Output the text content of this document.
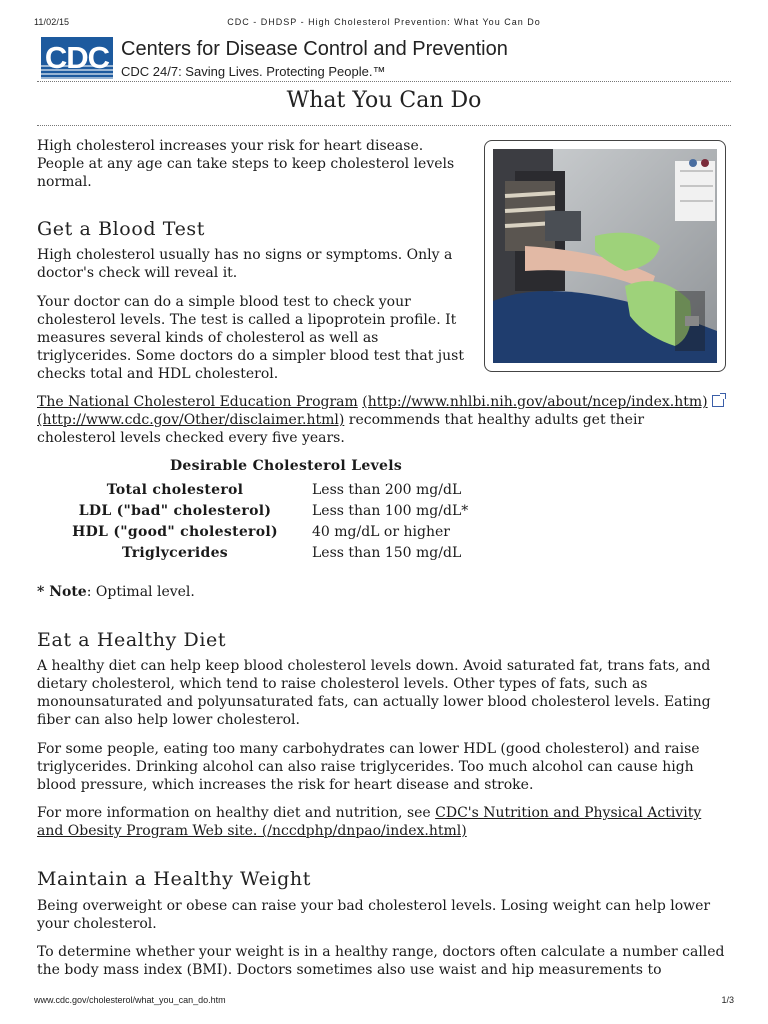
11/02/15	CDC - DHDSP - High Cholesterol Prevention: What You Can Do
CDC Centers for Disease Control and Prevention
CDC 24/7: Saving Lives. Protecting People.™
What You Can Do

High cholesterol increases your risk for heart disease. People at any age can take steps to keep cholesterol levels normal.

Get a Blood Test

High cholesterol usually has no signs or symptoms. Only a doctor's check will reveal it.

Your doctor can do a simple blood test to check your cholesterol levels. The test is called a lipoprotein profile. It measures several kinds of cholesterol as well as triglycerides. Some doctors do a simpler blood test that just checks total and HDL cholesterol.

The National Cholesterol Education Program (http://www.nhlbi.nih.gov/about/ncep/index.htm) (http://www.cdc.gov/Other/disclaimer.html) recommends that healthy adults get their cholesterol levels checked every five years.

Desirable Cholesterol Levels
Total cholesterol	Less than 200 mg/dL
LDL ("bad" cholesterol)	Less than 100 mg/dL*
HDL ("good" cholesterol)	40 mg/dL or higher
Triglycerides	Less than 150 mg/dL

* Note: Optimal level.

Eat a Healthy Diet

A healthy diet can help keep blood cholesterol levels down. Avoid saturated fat, trans fats, and dietary cholesterol, which tend to raise cholesterol levels. Other types of fats, such as monounsaturated and polyunsaturated fats, can actually lower blood cholesterol levels. Eating fiber can also help lower cholesterol.

For some people, eating too many carbohydrates can lower HDL (good cholesterol) and raise triglycerides. Drinking alcohol can also raise triglycerides. Too much alcohol can cause high blood pressure, which increases the risk for heart disease and stroke.

For more information on healthy diet and nutrition, see CDC's Nutrition and Physical Activity and Obesity Program Web site. (/nccdphp/dnpao/index.html)

Maintain a Healthy Weight

Being overweight or obese can raise your bad cholesterol levels. Losing weight can help lower your cholesterol.

To determine whether your weight is in a healthy range, doctors often calculate a number called the body mass index (BMI). Doctors sometimes also use waist and hip measurements to

www.cdc.gov/cholesterol/what_you_can_do.htm	1/3
